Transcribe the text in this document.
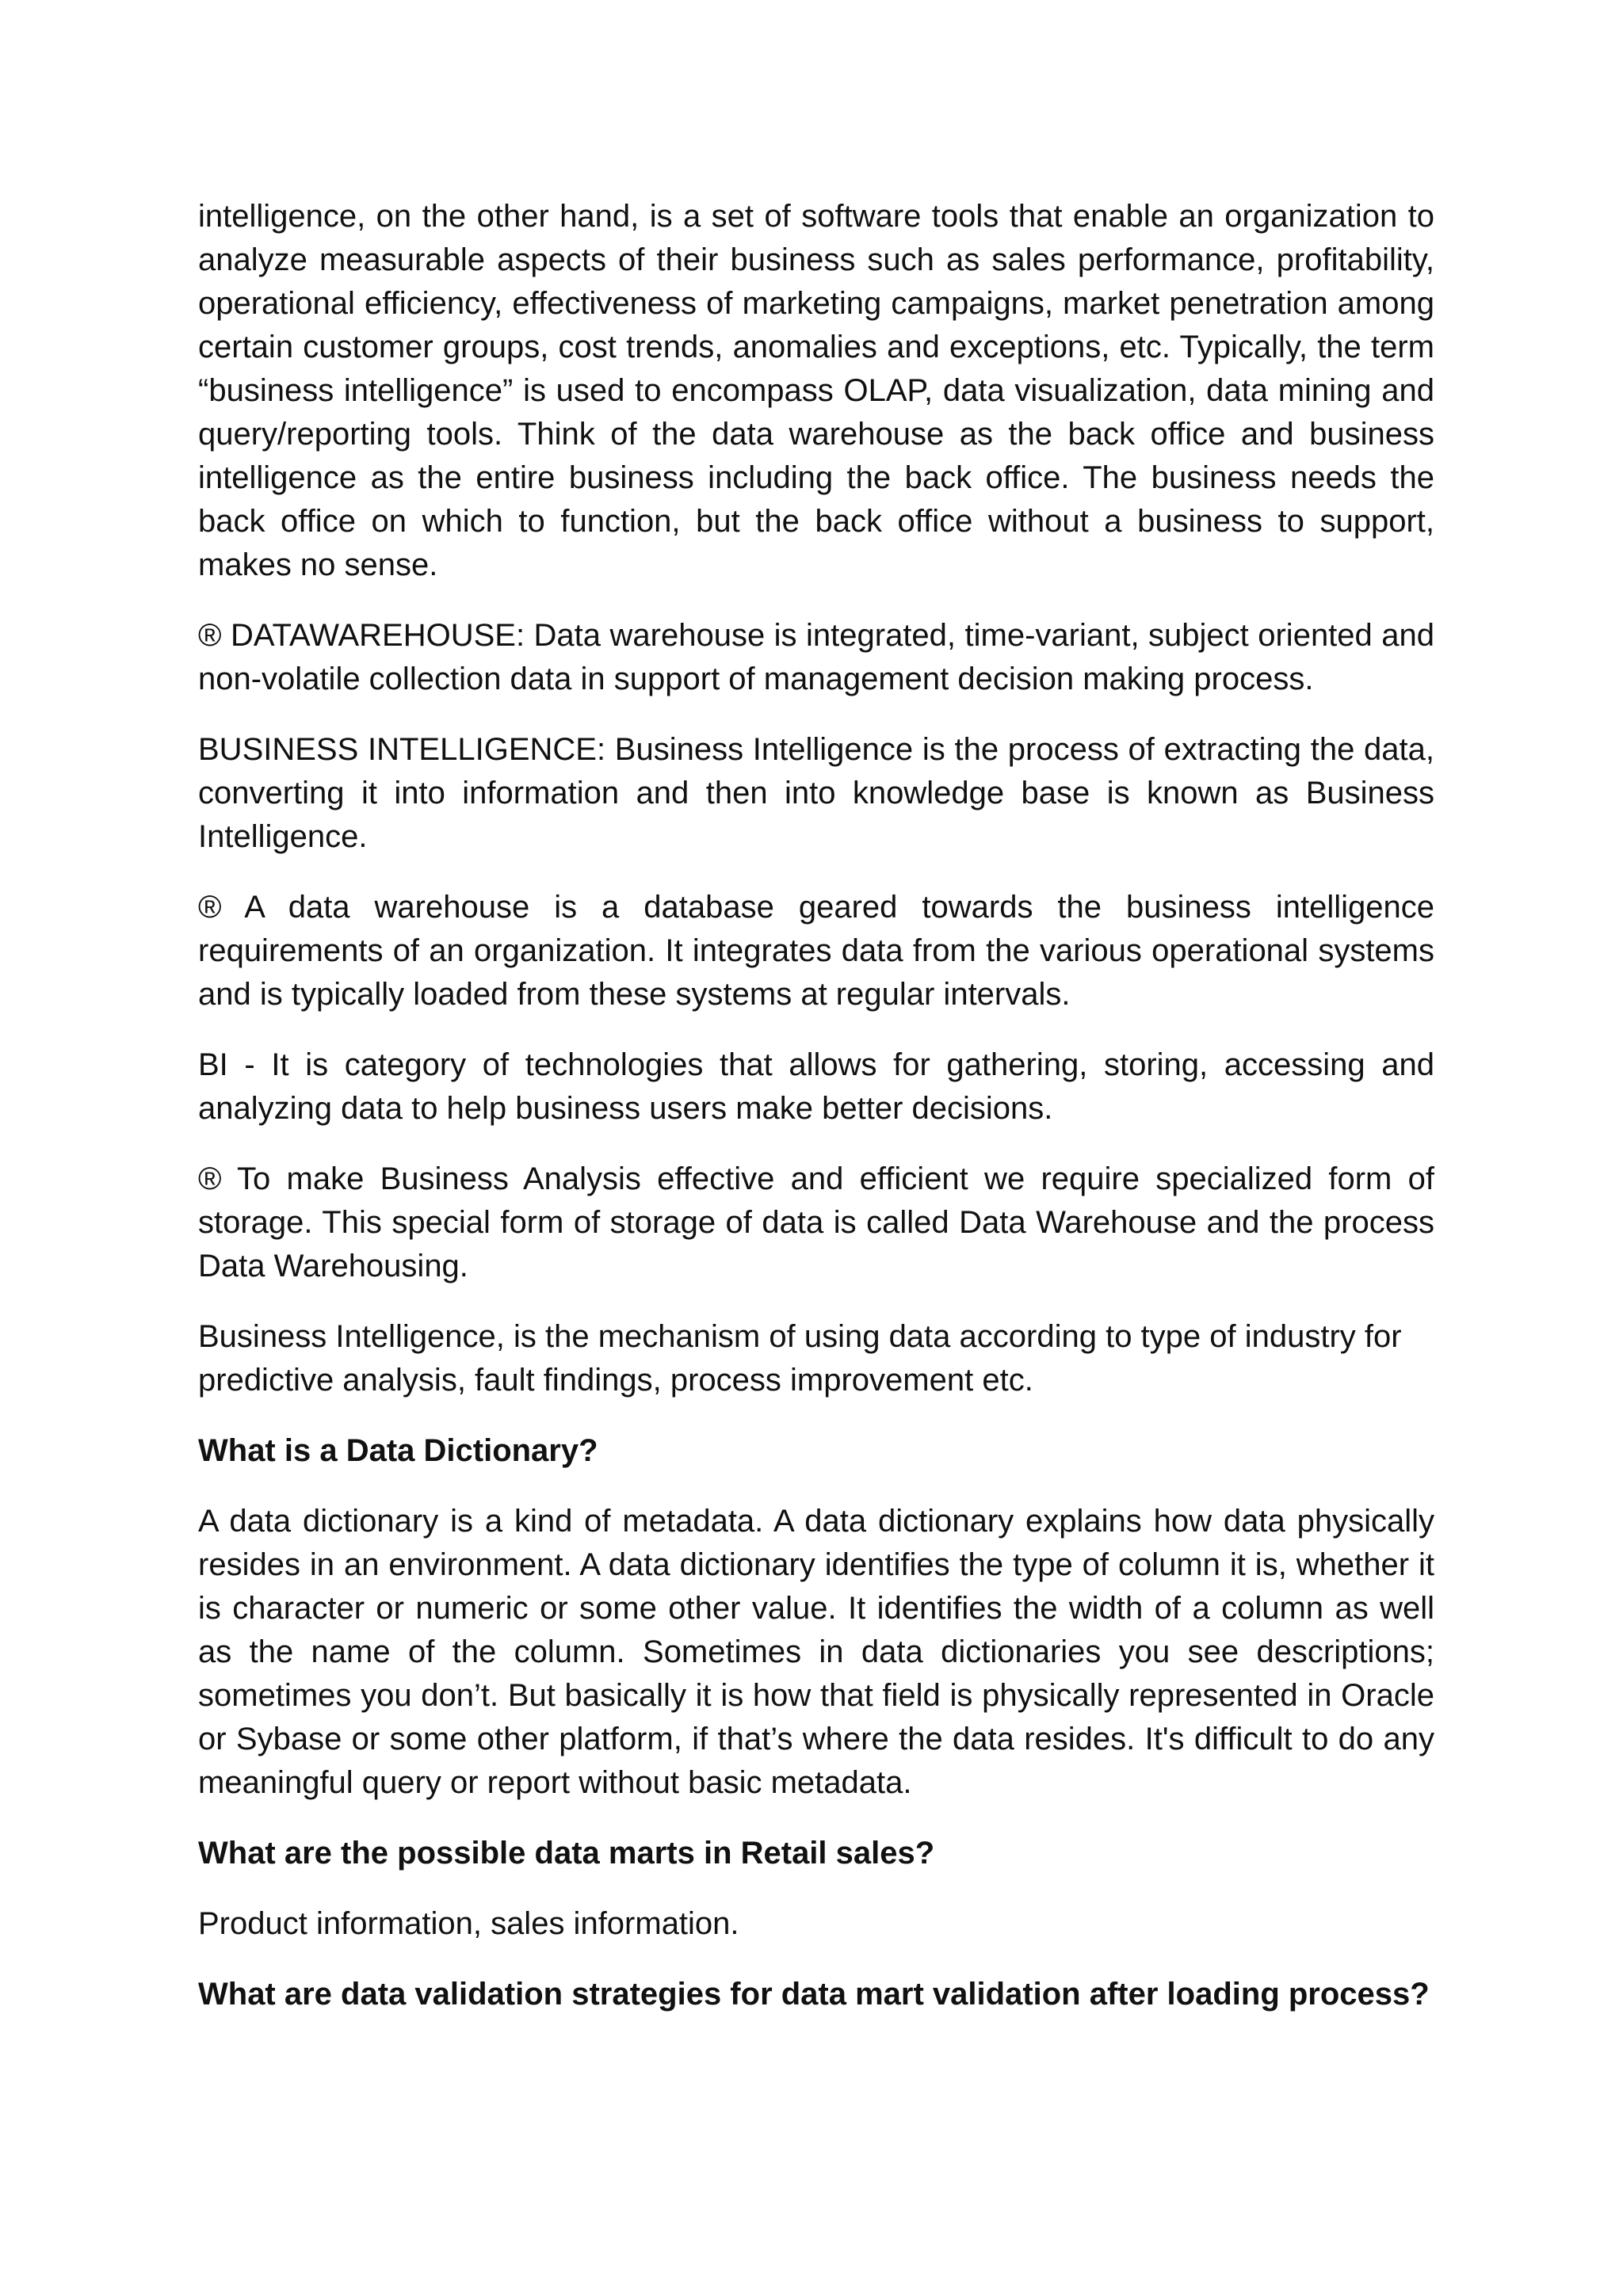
intelligence, on the other hand, is a set of software tools that enable an organization to analyze measurable aspects of their business such as sales performance, profitability, operational efficiency, effectiveness of marketing campaigns, market penetration among certain customer groups, cost trends, anomalies and exceptions, etc. Typically, the term “business intelligence” is used to encompass OLAP, data visualization, data mining and query/reporting tools. Think of the data warehouse as the back office and business intelligence as the entire business including the back office. The business needs the back office on which to function, but the back office without a business to support, makes no sense.

® DATAWAREHOUSE: Data warehouse is integrated, time-variant, subject oriented and non-volatile collection data in support of management decision making process.

BUSINESS INTELLIGENCE: Business Intelligence is the process of extracting the data, converting it into information and then into knowledge base is known as Business Intelligence.

® A data warehouse is a database geared towards the business intelligence requirements of an organization. It integrates data from the various operational systems and is typically loaded from these systems at regular intervals.

BI - It is category of technologies that allows for gathering, storing, accessing and analyzing data to help business users make better decisions.

® To make Business Analysis effective and efficient we require specialized form of storage. This special form of storage of data is called Data Warehouse and the process Data Warehousing.

Business Intelligence, is the mechanism of using data according to type of industry for predictive analysis, fault findings, process improvement etc.

What is a Data Dictionary?

A data dictionary is a kind of metadata. A data dictionary explains how data physically resides in an environment. A data dictionary identifies the type of column it is, whether it is character or numeric or some other value. It identifies the width of a column as well as the name of the column. Sometimes in data dictionaries you see descriptions; sometimes you don’t. But basically it is how that field is physically represented in Oracle or Sybase or some other platform, if that’s where the data resides. It's difficult to do any meaningful query or report without basic metadata.

What are the possible data marts in Retail sales?

Product information, sales information.

What are data validation strategies for data mart validation after loading process?
